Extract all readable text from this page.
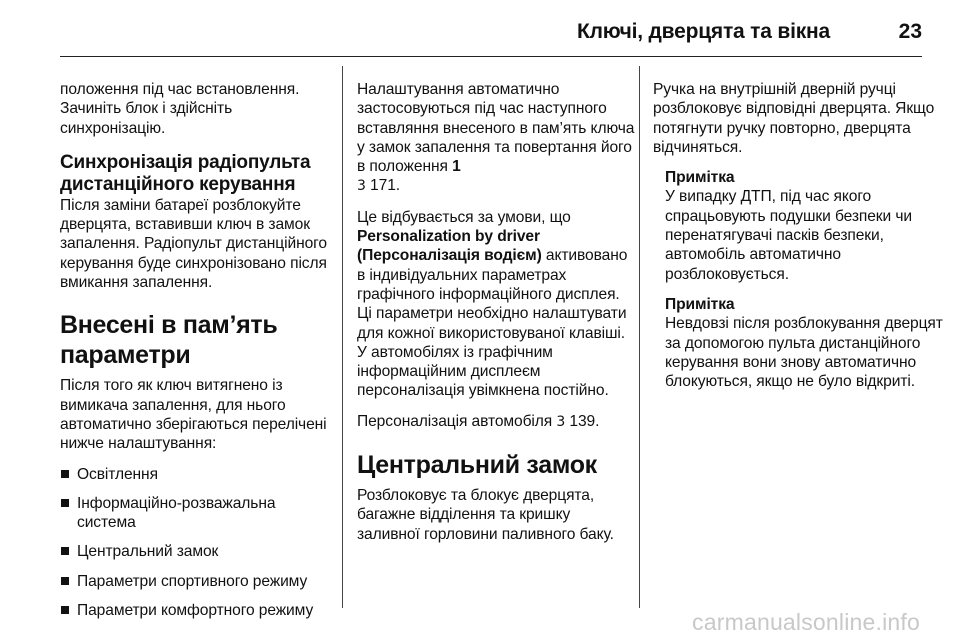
Ключі, дверцята та вікна	23

положення під час встановлення. Зачиніть блок і здійсніть синхронізацію.

Синхронізація радіопульта дистанційного керування

Після заміни батареї розблокуйте дверцята, вставивши ключ в замок запалення. Радіопульт дистанційного керування буде синхронізовано після вмикання запалення.

Внесені в пам’ять параметри

Після того як ключ витягнено із вимикача запалення, для нього автоматично зберігаються перелічені нижче налаштування:

Освітлення
Інформаційно-розважальна система
Центральний замок
Параметри спортивного режиму
Параметри комфортного режиму

Налаштування автоматично застосовуються під час наступного вставляння внесеного в пам’ять ключа у замок запалення та повертання його в положення 1
3 171.

Це відбувається за умови, що
Personalization by driver (Персоналізація водієм) активовано в індивідуальних параметрах графічного інформаційного дисплея. Ці параметри необхідно налаштувати для кожної використовуваної клавіші. У автомобілях із графічним інформаційним дисплеєм персоналізація увімкнена постійно.

Персоналізація автомобіля 3 139.

Центральний замок

Розблоковує та блокує дверцята, багажне відділення та кришку заливної горловини паливного баку.

Ручка на внутрішній дверній ручці розблоковує відповідні дверцята. Якщо потягнути ручку повторно, дверцята відчиняться.

Примітка

У випадку ДТП, під час якого спрацьовують подушки безпеки чи перенатягувачі пасків безпеки, автомобіль автоматично розблоковується.

Примітка

Невдовзі після розблокування дверцят за допомогою пульта дистанційного керування вони знову автоматично блокуються, якщо не було відкриті.

carmanualsonline.info
